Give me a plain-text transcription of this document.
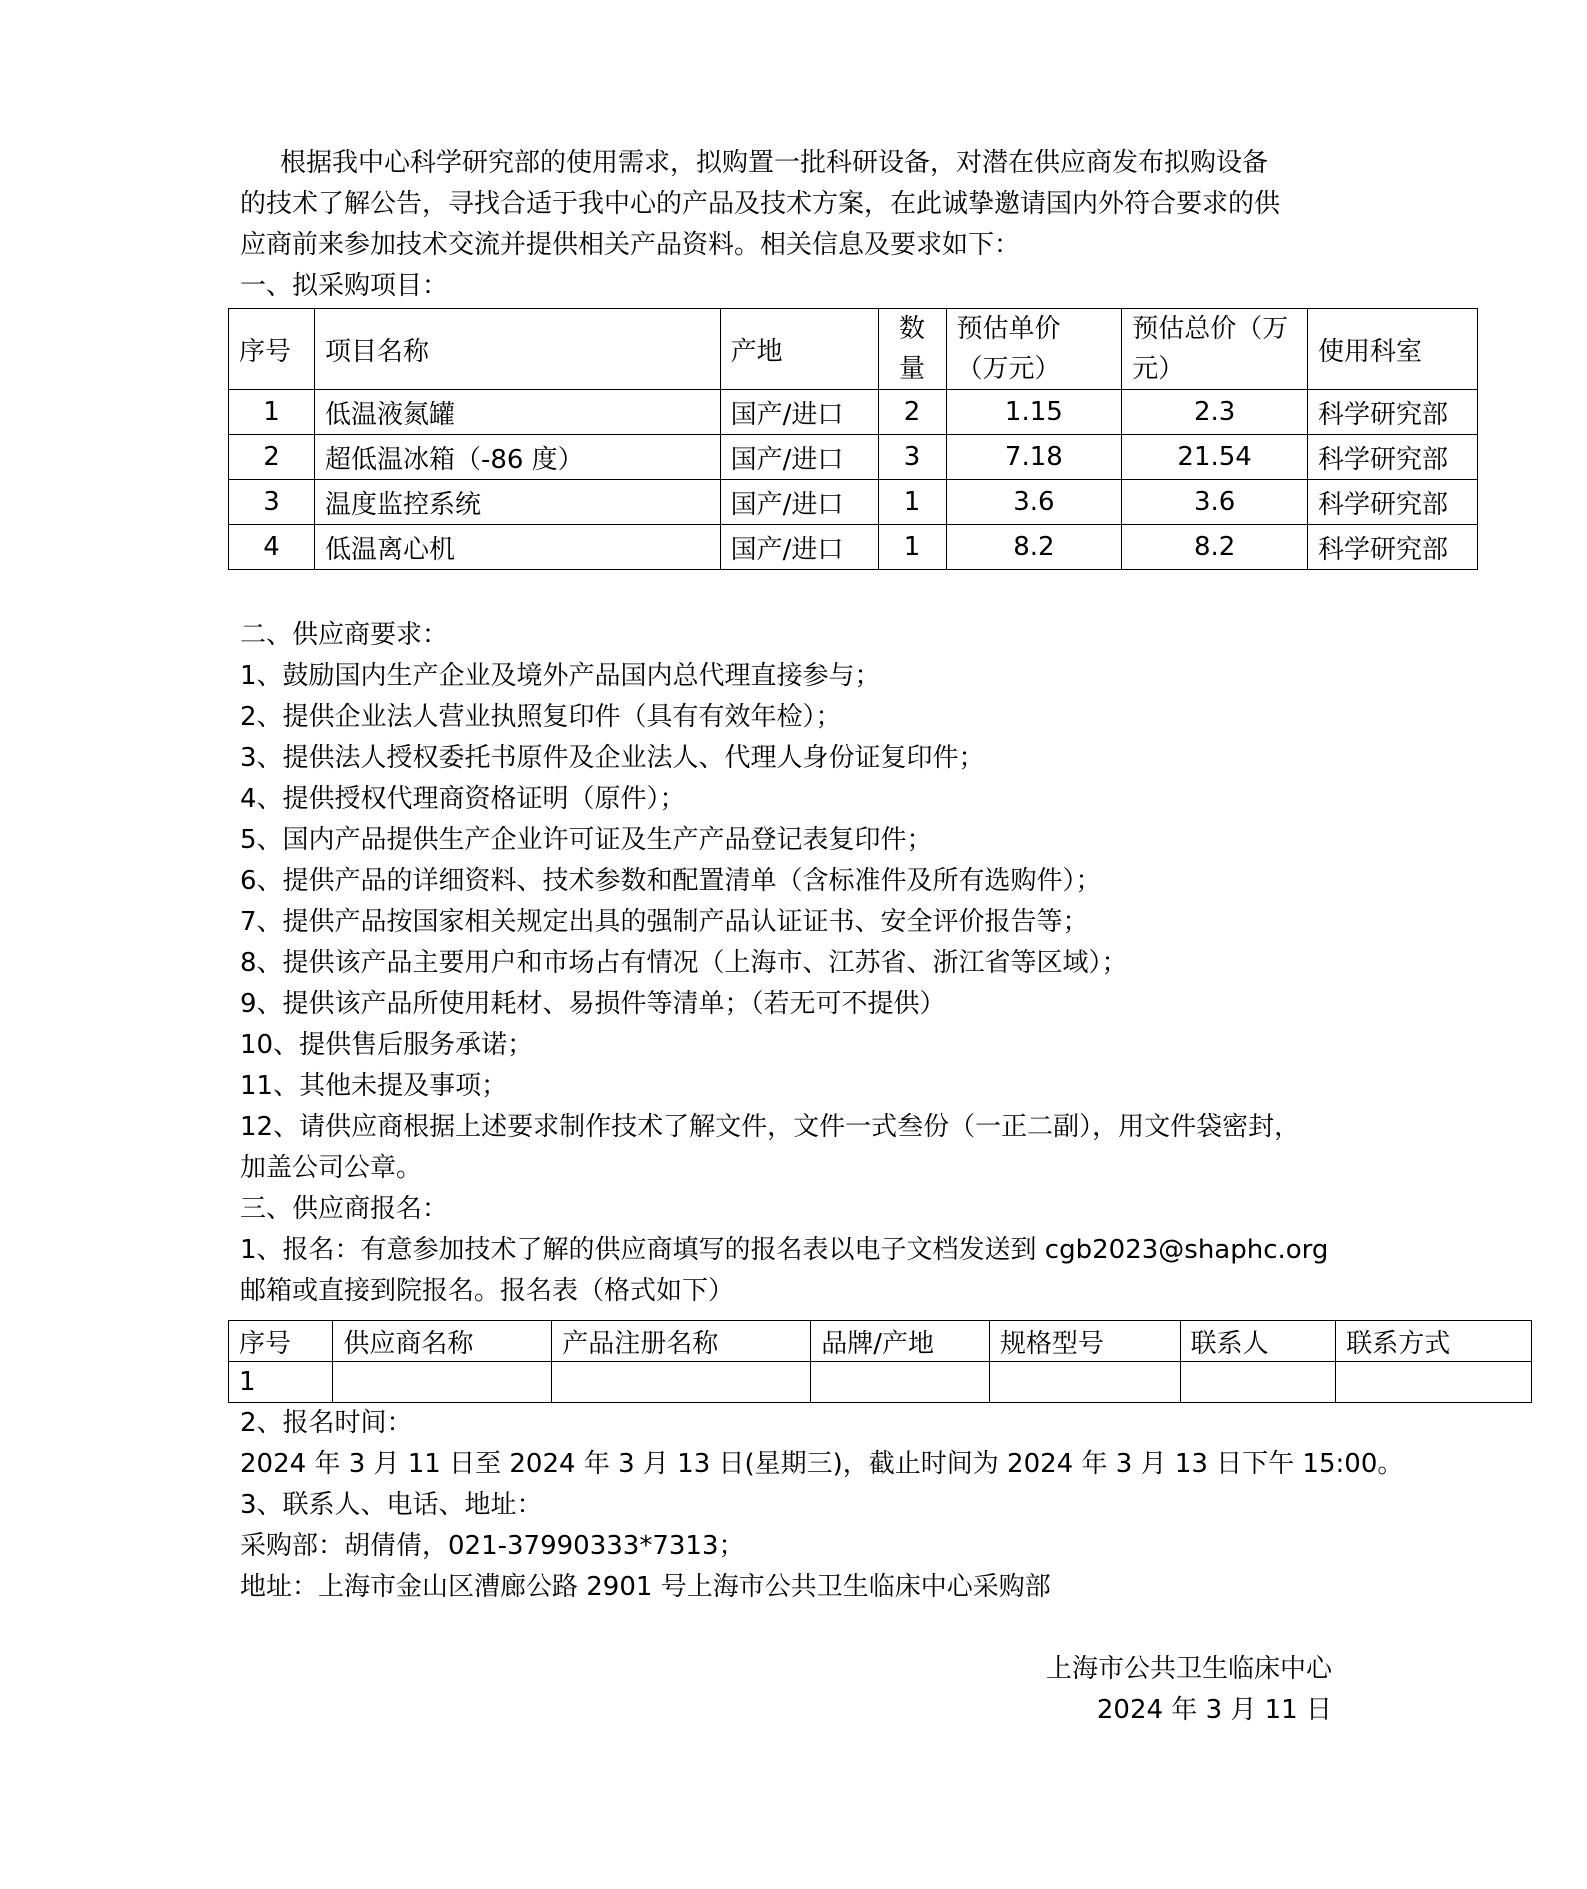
根据我中心科学研究部的使用需求，拟购置一批科研设备，对潜在供应商发布拟购设备
的技术了解公告，寻找合适于我中心的产品及技术方案，在此诚挚邀请国内外符合要求的供
应商前来参加技术交流并提供相关产品资料。相关信息及要求如下：
一、拟采购项目：
序号	项目名称	产地	数量	预估单价（万元）	预估总价（万元）	使用科室
1	低温液氮罐	国产/进口	2	1.15	2.3	科学研究部
2	超低温冰箱（-86 度）	国产/进口	3	7.18	21.54	科学研究部
3	温度监控系统	国产/进口	1	3.6	3.6	科学研究部
4	低温离心机	国产/进口	1	8.2	8.2	科学研究部
二、供应商要求：
1、鼓励国内生产企业及境外产品国内总代理直接参与；
2、提供企业法人营业执照复印件（具有有效年检）；
3、提供法人授权委托书原件及企业法人、代理人身份证复印件；
4、提供授权代理商资格证明（原件）；
5、国内产品提供生产企业许可证及生产产品登记表复印件；
6、提供产品的详细资料、技术参数和配置清单（含标准件及所有选购件）；
7、提供产品按国家相关规定出具的强制产品认证证书、安全评价报告等；
8、提供该产品主要用户和市场占有情况（上海市、江苏省、浙江省等区域）；
9、提供该产品所使用耗材、易损件等清单；（若无可不提供）
10、提供售后服务承诺；
11、其他未提及事项；
12、请供应商根据上述要求制作技术了解文件，文件一式叁份（一正二副），用文件袋密封，
加盖公司公章。
三、供应商报名：
1、报名：有意参加技术了解的供应商填写的报名表以电子文档发送到 cgb2023@shaphc.org
邮箱或直接到院报名。报名表（格式如下）
序号	供应商名称	产品注册名称	品牌/产地	规格型号	联系人	联系方式
1						
2、报名时间：
2024 年 3 月 11 日至 2024 年 3 月 13 日(星期三)，截止时间为 2024 年 3 月 13 日下午 15:00。
3、联系人、电话、地址：
采购部：胡倩倩，021-37990333*7313；
地址：上海市金山区漕廊公路 2901 号上海市公共卫生临床中心采购部
上海市公共卫生临床中心
2024 年 3 月 11 日
